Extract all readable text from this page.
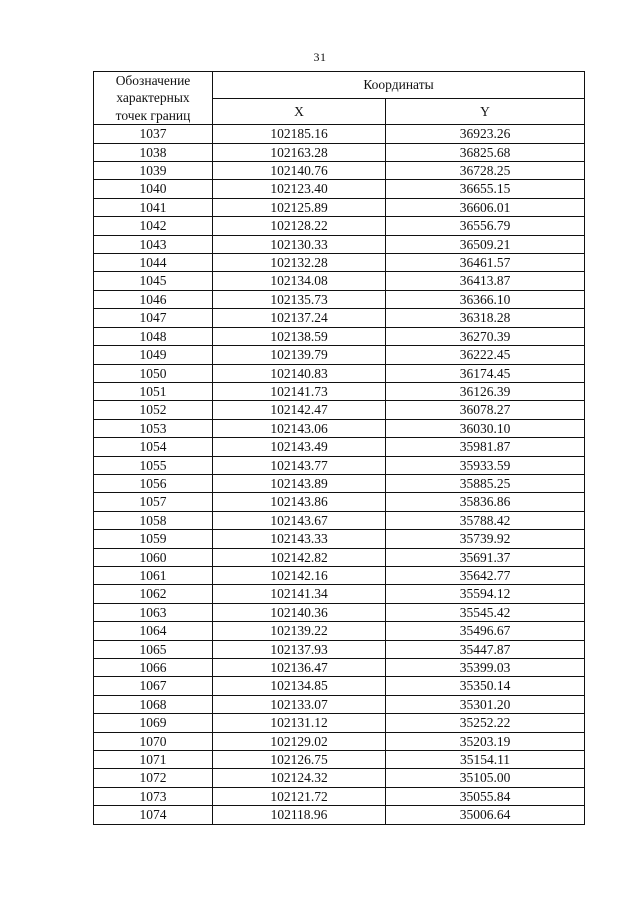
31
Обозначение
характерных
точек границ	Координаты	
	X	Y
1037	102185.16	36923.26
1038	102163.28	36825.68
1039	102140.76	36728.25
1040	102123.40	36655.15
1041	102125.89	36606.01
1042	102128.22	36556.79
1043	102130.33	36509.21
1044	102132.28	36461.57
1045	102134.08	36413.87
1046	102135.73	36366.10
1047	102137.24	36318.28
1048	102138.59	36270.39
1049	102139.79	36222.45
1050	102140.83	36174.45
1051	102141.73	36126.39
1052	102142.47	36078.27
1053	102143.06	36030.10
1054	102143.49	35981.87
1055	102143.77	35933.59
1056	102143.89	35885.25
1057	102143.86	35836.86
1058	102143.67	35788.42
1059	102143.33	35739.92
1060	102142.82	35691.37
1061	102142.16	35642.77
1062	102141.34	35594.12
1063	102140.36	35545.42
1064	102139.22	35496.67
1065	102137.93	35447.87
1066	102136.47	35399.03
1067	102134.85	35350.14
1068	102133.07	35301.20
1069	102131.12	35252.22
1070	102129.02	35203.19
1071	102126.75	35154.11
1072	102124.32	35105.00
1073	102121.72	35055.84
1074	102118.96	35006.64
